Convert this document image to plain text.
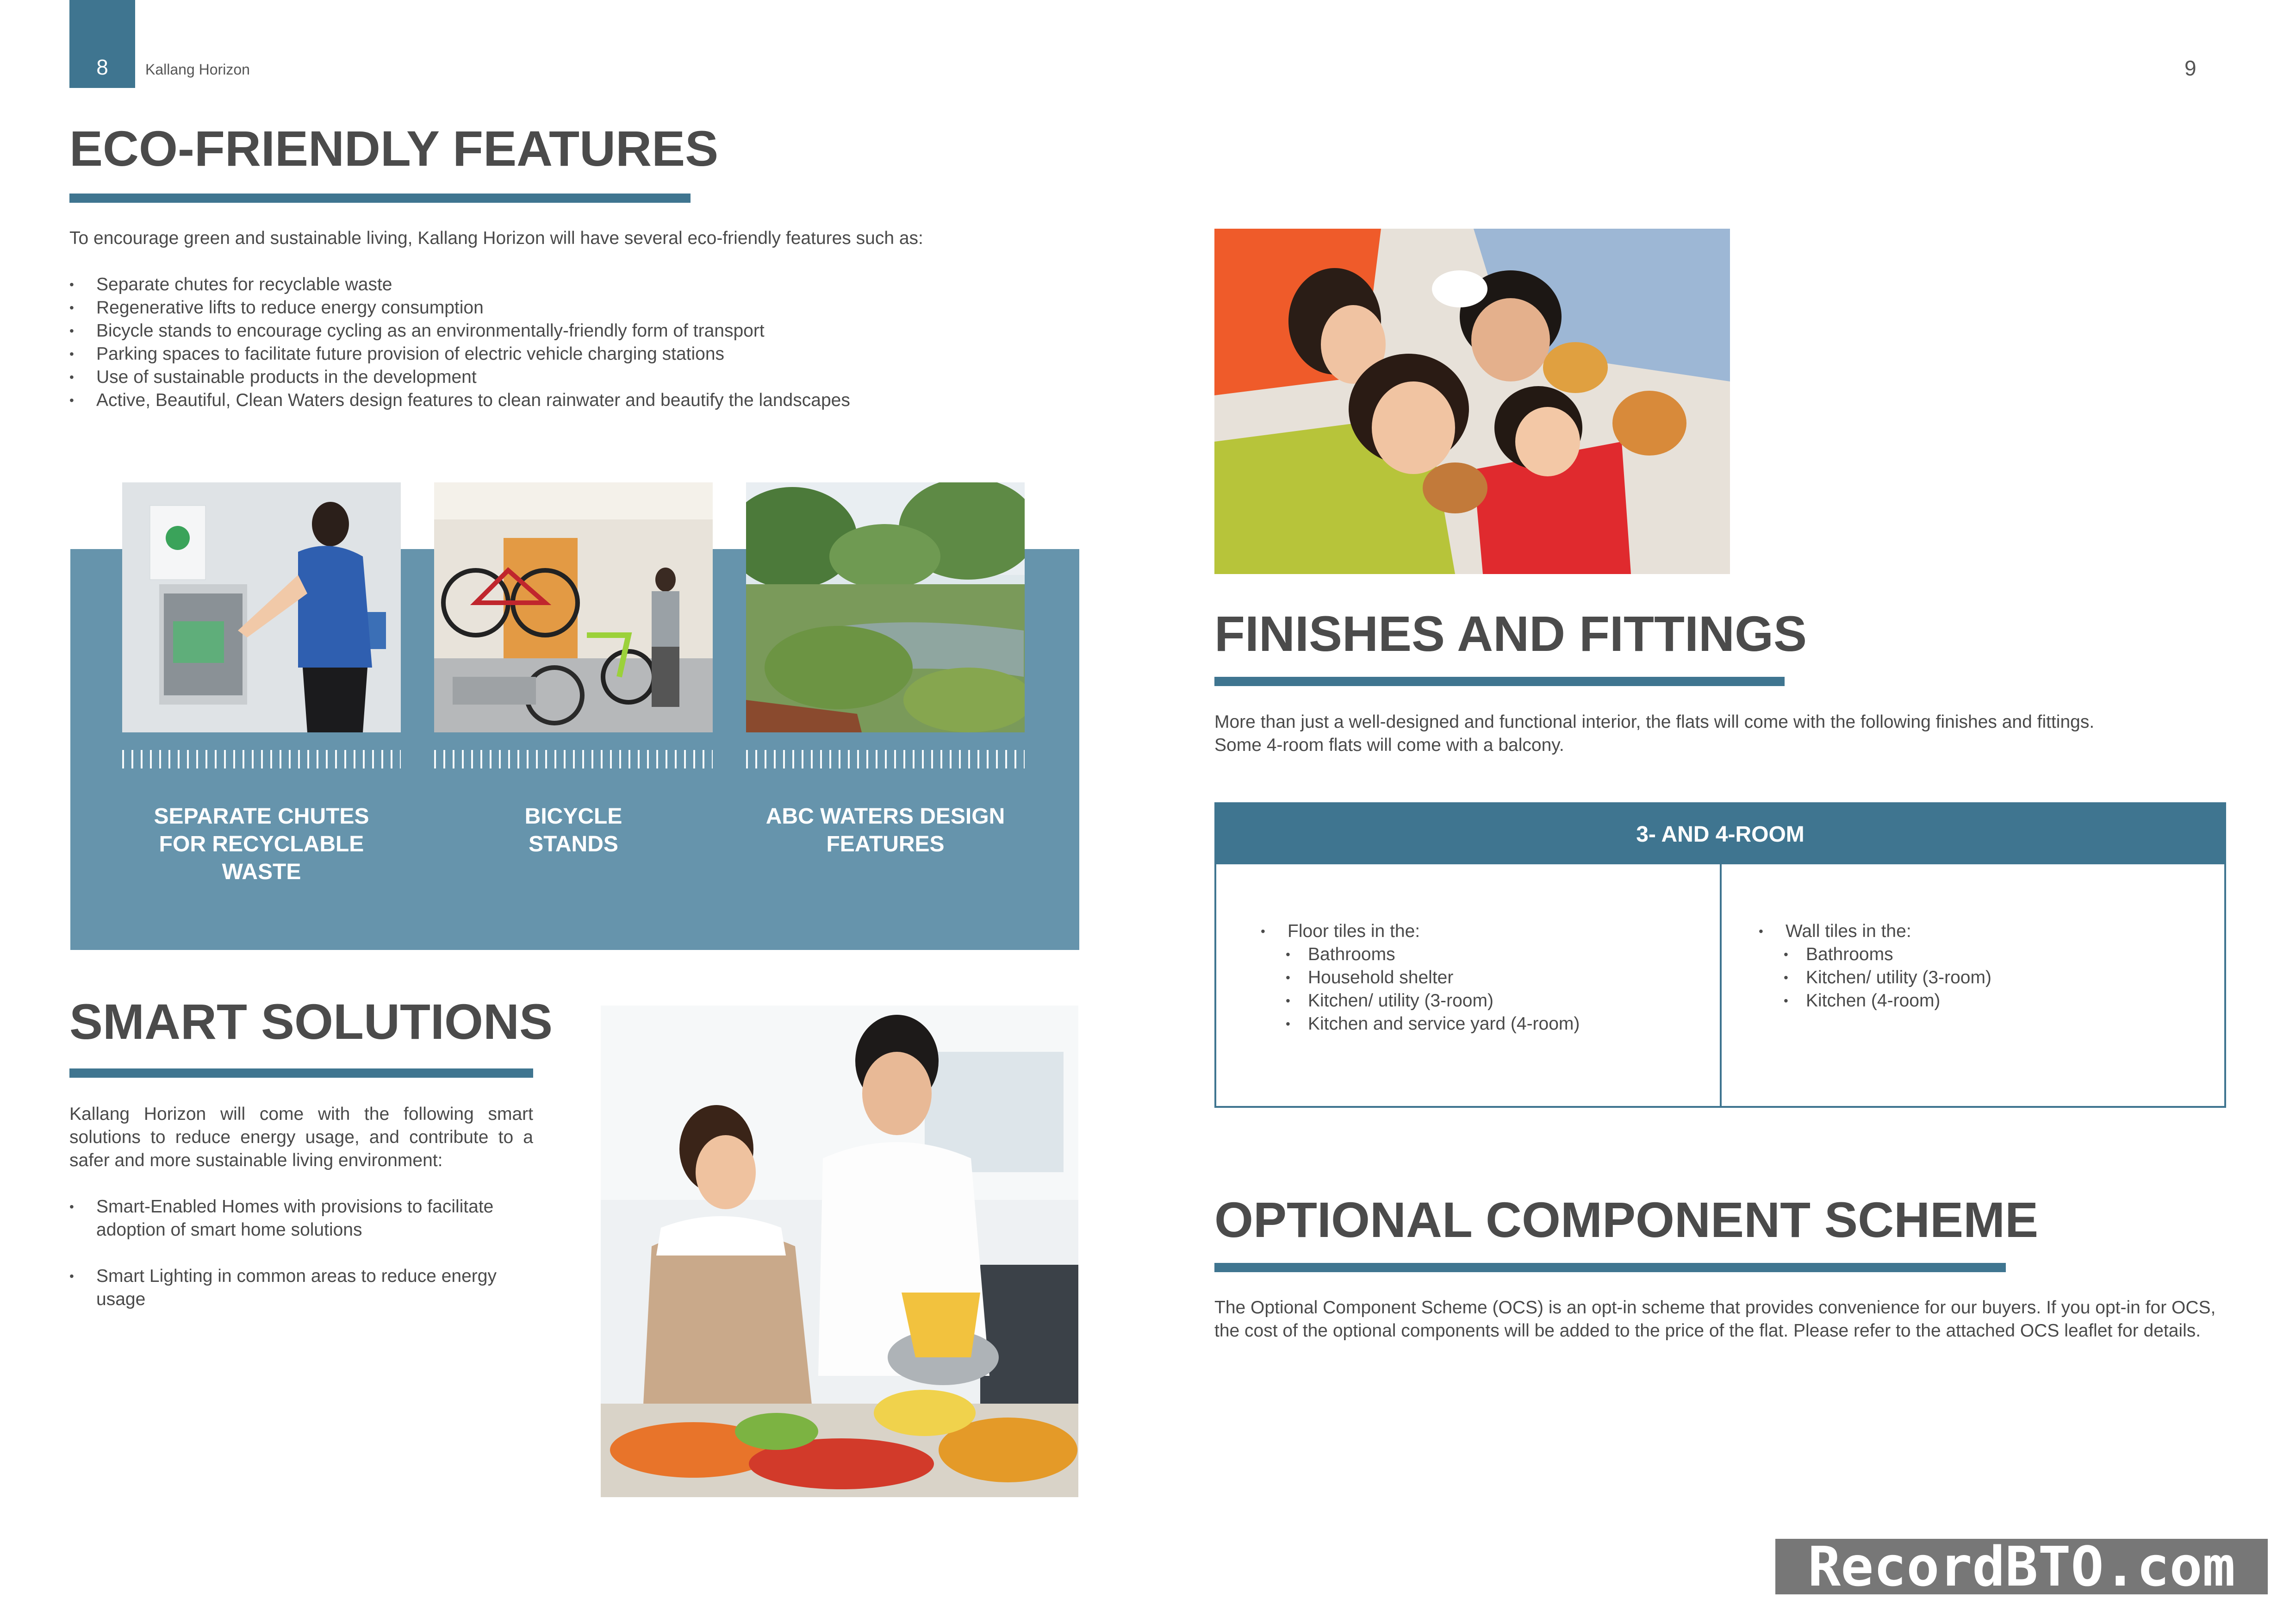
8	Kallang Horizon	9
ECO-FRIENDLY FEATURES
To encourage green and sustainable living, Kallang Horizon will have several eco-friendly features such as:
• Separate chutes for recyclable waste
• Regenerative lifts to reduce energy consumption
• Bicycle stands to encourage cycling as an environmentally-friendly form of transport
• Parking spaces to facilitate future provision of electric vehicle charging stations
• Use of sustainable products in the development
• Active, Beautiful, Clean Waters design features to clean rainwater and beautify the landscapes
SEPARATE CHUTES
FOR RECYCLABLE
WASTE
BICYCLE
STANDS
ABC WATERS DESIGN
FEATURES
SMART SOLUTIONS
Kallang Horizon will come with the following smart solutions to reduce energy usage, and contribute to a safer and more sustainable living environment:
• Smart-Enabled Homes with provisions to facilitate adoption of smart home solutions
• Smart Lighting in common areas to reduce energy usage
FINISHES AND FITTINGS
More than just a well-designed and functional interior, the flats will come with the following finishes and fittings.
Some 4-room flats will come with a balcony.
3- AND 4-ROOM
• Floor tiles in the:
• Bathrooms
• Household shelter
• Kitchen/ utility (3-room)
• Kitchen and service yard (4-room)
• Wall tiles in the:
• Bathrooms
• Kitchen/ utility (3-room)
• Kitchen (4-room)
OPTIONAL COMPONENT SCHEME
The Optional Component Scheme (OCS) is an opt-in scheme that provides convenience for our buyers. If you opt-in for OCS, the cost of the optional components will be added to the price of the flat. Please refer to the attached OCS leaflet for details.
RecordBTO.com
